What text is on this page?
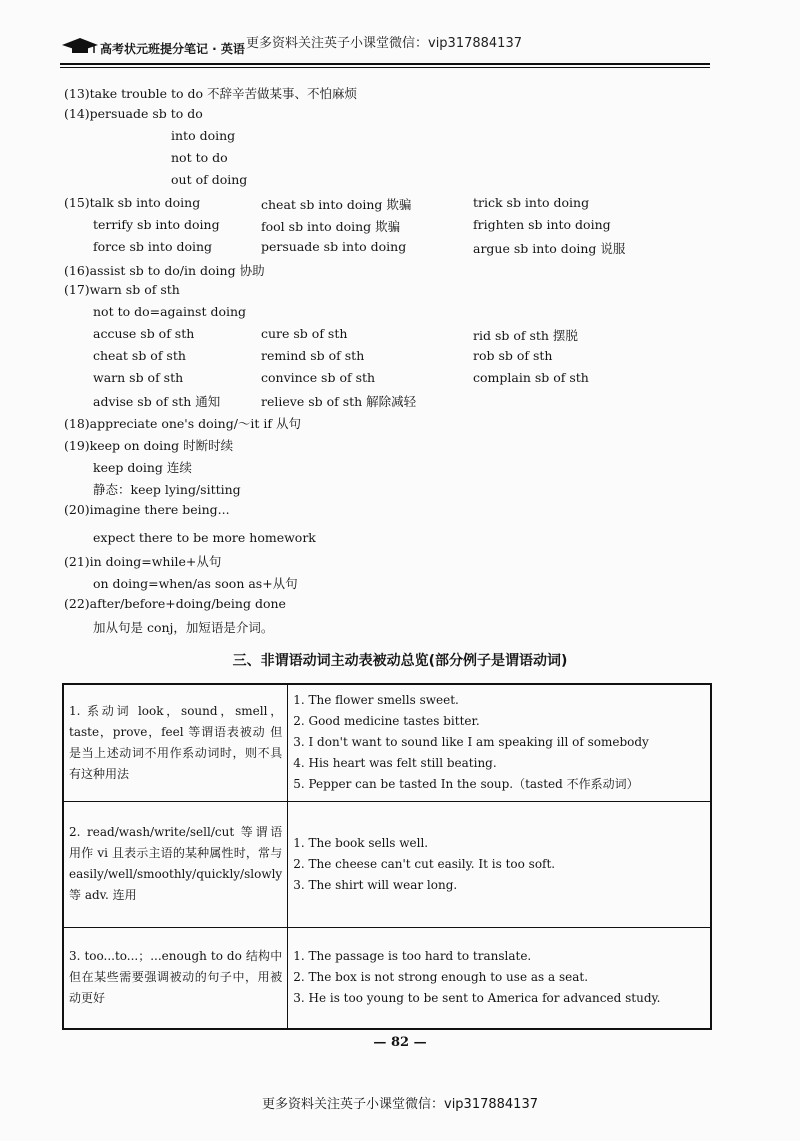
高考状元班提分笔记 · 英语 更多资料关注英子小课堂微信：vip317884137
(13)take trouble to do 不辞辛苦做某事、不怕麻烦
(14)persuade sb to do
into doing
not to do
out of doing
(15)talk sb into doing	cheat sb into doing 欺骗	trick sb into doing
terrify sb into doing	fool sb into doing 欺骗	frighten sb into doing
force sb into doing	persuade sb into doing	argue sb into doing 说服
(16)assist sb to do/in doing 协助
(17)warn sb of sth
not to do=against doing
accuse sb of sth	cure sb of sth	rid sb of sth 摆脱
cheat sb of sth	remind sb of sth	rob sb of sth
warn sb of sth	convince sb of sth	complain sb of sth
advise sb of sth 通知	relieve sb of sth 解除减轻
(18)appreciate one's doing/～it if 从句
(19)keep on doing 时断时续
keep doing 连续
静态：keep lying/sitting
(20)imagine there being...
expect there to be more homework
(21)in doing=while+从句
on doing=when/as soon as+从句
(22)after/before+doing/being done
加从句是 conj，加短语是介词。
三、非谓语动词主动表被动总览(部分例子是谓语动词)
1. 系动词 look，sound，smell，taste，prove，feel 等谓语表被动 但是当上述动词不用作系动词时，则不具有这种用法	1. The flower smells sweet.
2. Good medicine tastes bitter.
3. I don't want to sound like I am speaking ill of somebody
4. His heart was felt still beating.
5. Pepper can be tasted In the soup.（tasted 不作系动词）

2. read/wash/write/sell/cut 等谓语用作 vi 且表示主语的某种属性时，常与 easily/well/smoothly/quickly/slowly 等 adv. 连用	1. The book sells well.
2. The cheese can't cut easily. It is too soft.
3. The shirt will wear long.

3. too...to...；...enough to do 结构中但在某些需要强调被动的句子中，用被动更好	1. The passage is too hard to translate.
2. The box is not strong enough to use as a seat.
3. He is too young to be sent to America for advanced study.
— 82 —
更多资料关注英子小课堂微信：vip317884137
